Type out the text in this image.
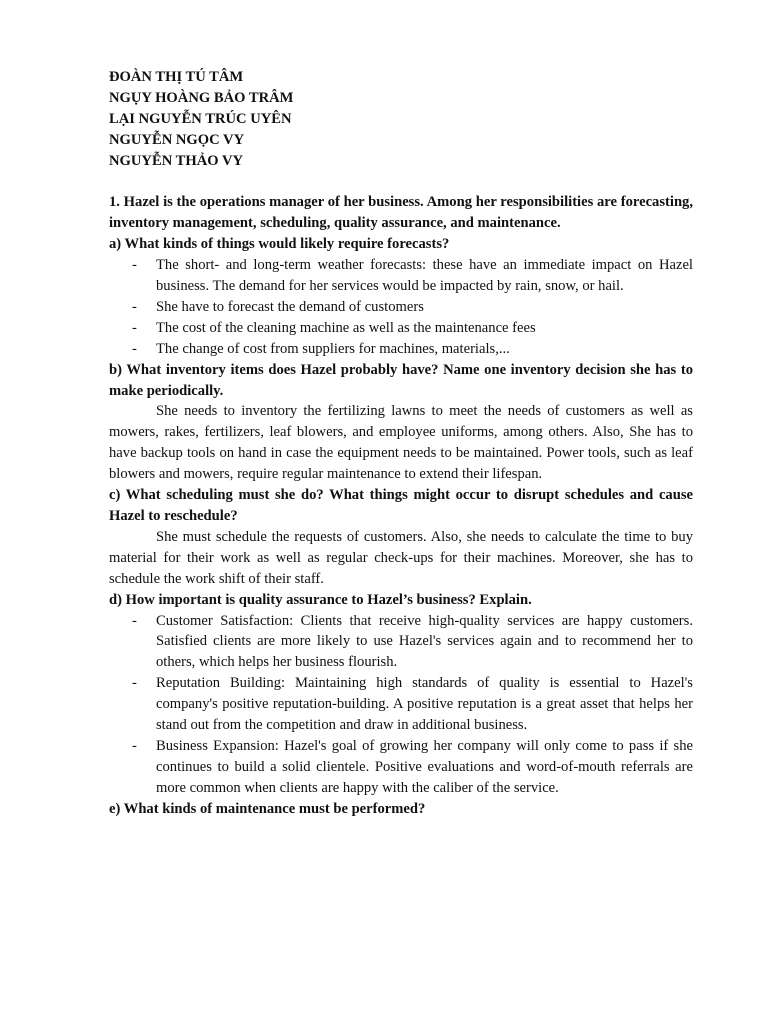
ĐOÀN THỊ TÚ TÂM
NGỤY HOÀNG BẢO TRÂM
LẠI NGUYỄN TRÚC UYÊN
NGUYỄN NGỌC VY
NGUYỄN THẢO VY

1. Hazel is the operations manager of her business. Among her responsibilities are forecasting, inventory management, scheduling, quality assurance, and maintenance.

a) What kinds of things would likely require forecasts?

- The short- and long-term weather forecasts: these have an immediate impact on Hazel business. The demand for her services would be impacted by rain, snow, or hail.
- She have to forecast the demand of customers
- The cost of the cleaning machine as well as the maintenance fees
- The change of cost from suppliers for machines, materials,...

b) What inventory items does Hazel probably have? Name one inventory decision she has to make periodically.

She needs to inventory the fertilizing lawns to meet the needs of customers as well as mowers, rakes, fertilizers, leaf blowers, and employee uniforms, among others. Also, She has to have backup tools on hand in case the equipment needs to be maintained. Power tools, such as leaf blowers and mowers, require regular maintenance to extend their lifespan.

c) What scheduling must she do? What things might occur to disrupt schedules and cause Hazel to reschedule?

She must schedule the requests of customers. Also, she needs to calculate the time to buy material for their work as well as regular check-ups for their machines. Moreover, she has to schedule the work shift of their staff.

d) How important is quality assurance to Hazel’s business? Explain.

- Customer Satisfaction: Clients that receive high-quality services are happy customers. Satisfied clients are more likely to use Hazel's services again and to recommend her to others, which helps her business flourish.
- Reputation Building: Maintaining high standards of quality is essential to Hazel's company's positive reputation-building. A positive reputation is a great asset that helps her stand out from the competition and draw in additional business.
- Business Expansion: Hazel's goal of growing her company will only come to pass if she continues to build a solid clientele. Positive evaluations and word-of-mouth referrals are more common when clients are happy with the caliber of the service.

e) What kinds of maintenance must be performed?
